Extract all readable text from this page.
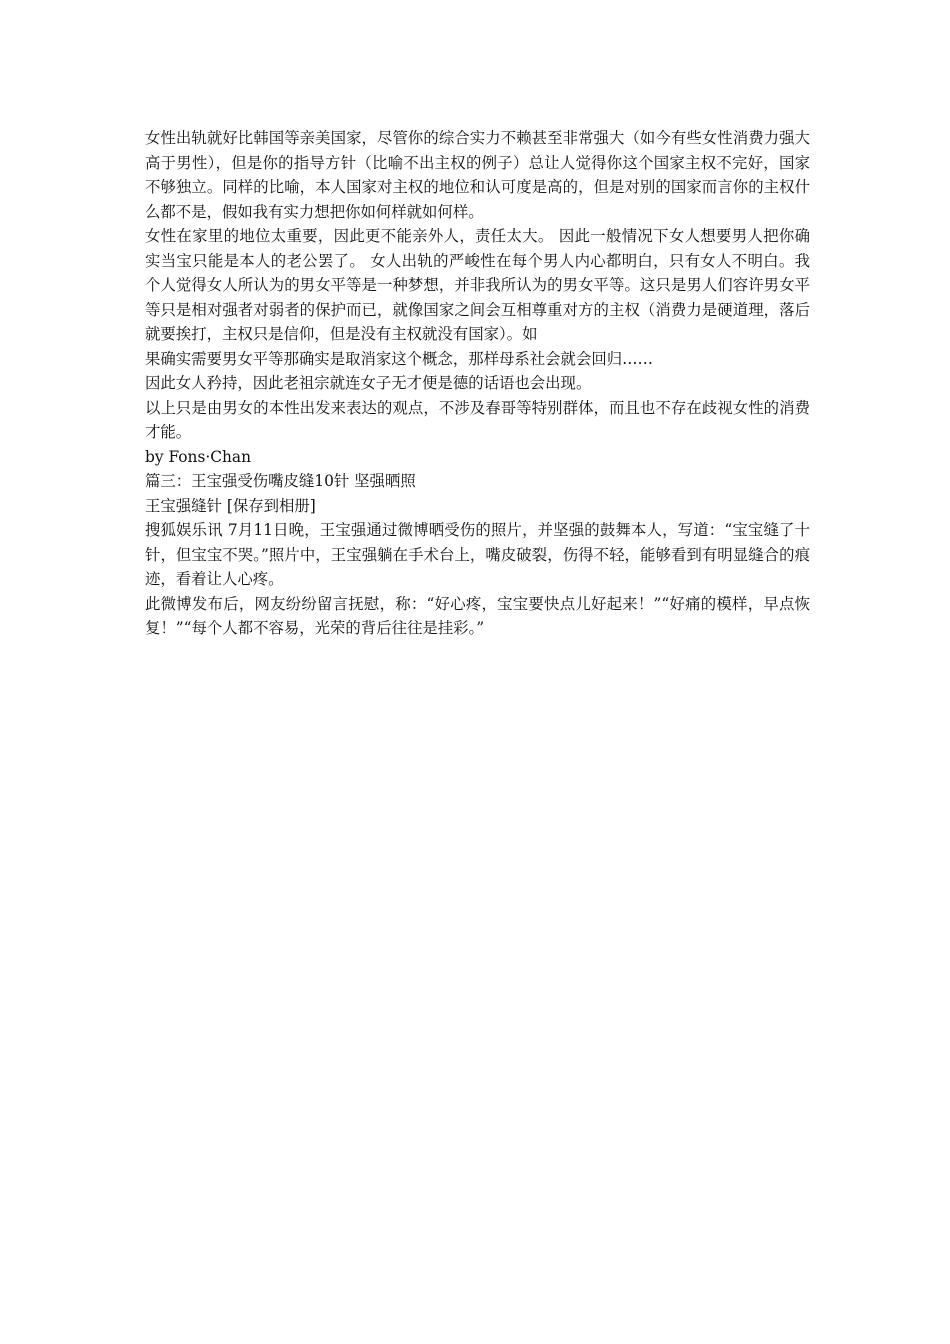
女性出轨就好比韩国等亲美国家，尽管你的综合实力不赖甚至非常强大（如今有些女性消费力强大高于男性），但是你的指导方针（比喻不出主权的例子）总让人觉得你这个国家主权不完好，国家不够独立。同样的比喻，本人国家对主权的地位和认可度是高的，但是对别的国家而言你的主权什么都不是，假如我有实力想把你如何样就如何样。

女性在家里的地位太重要，因此更不能亲外人，责任太大。 因此一般情况下女人想要男人把你确实当宝只能是本人的老公罢了。 女人出轨的严峻性在每个男人内心都明白，只有女人不明白。我个人觉得女人所认为的男女平等是一种梦想，并非我所认为的男女平等。这只是男人们容许男女平等只是相对强者对弱者的保护而已，就像国家之间会互相尊重对方的主权（消费力是硬道理，落后就要挨打，主权只是信仰，但是没有主权就没有国家）。如

果确实需要男女平等那确实是取消家这个概念，那样母系社会就会回归……

因此女人矜持，因此老祖宗就连女子无才便是德的话语也会出现。

以上只是由男女的本性出发来表达的观点，不涉及春哥等特别群体，而且也不存在歧视女性的消费才能。

by Fons·Chan

篇三：王宝强受伤嘴皮缝10针 坚强晒照

王宝强缝针 [保存到相册]

搜狐娱乐讯 7月11日晚，王宝强通过微博晒受伤的照片，并坚强的鼓舞本人，写道：“宝宝缝了十针，但宝宝不哭。”照片中，王宝强躺在手术台上，嘴皮破裂，伤得不轻，能够看到有明显缝合的痕迹，看着让人心疼。

此微博发布后，网友纷纷留言抚慰，称：“好心疼，宝宝要快点儿好起来！”“好痛的模样，早点恢复！”“每个人都不容易，光荣的背后往往是挂彩。”
